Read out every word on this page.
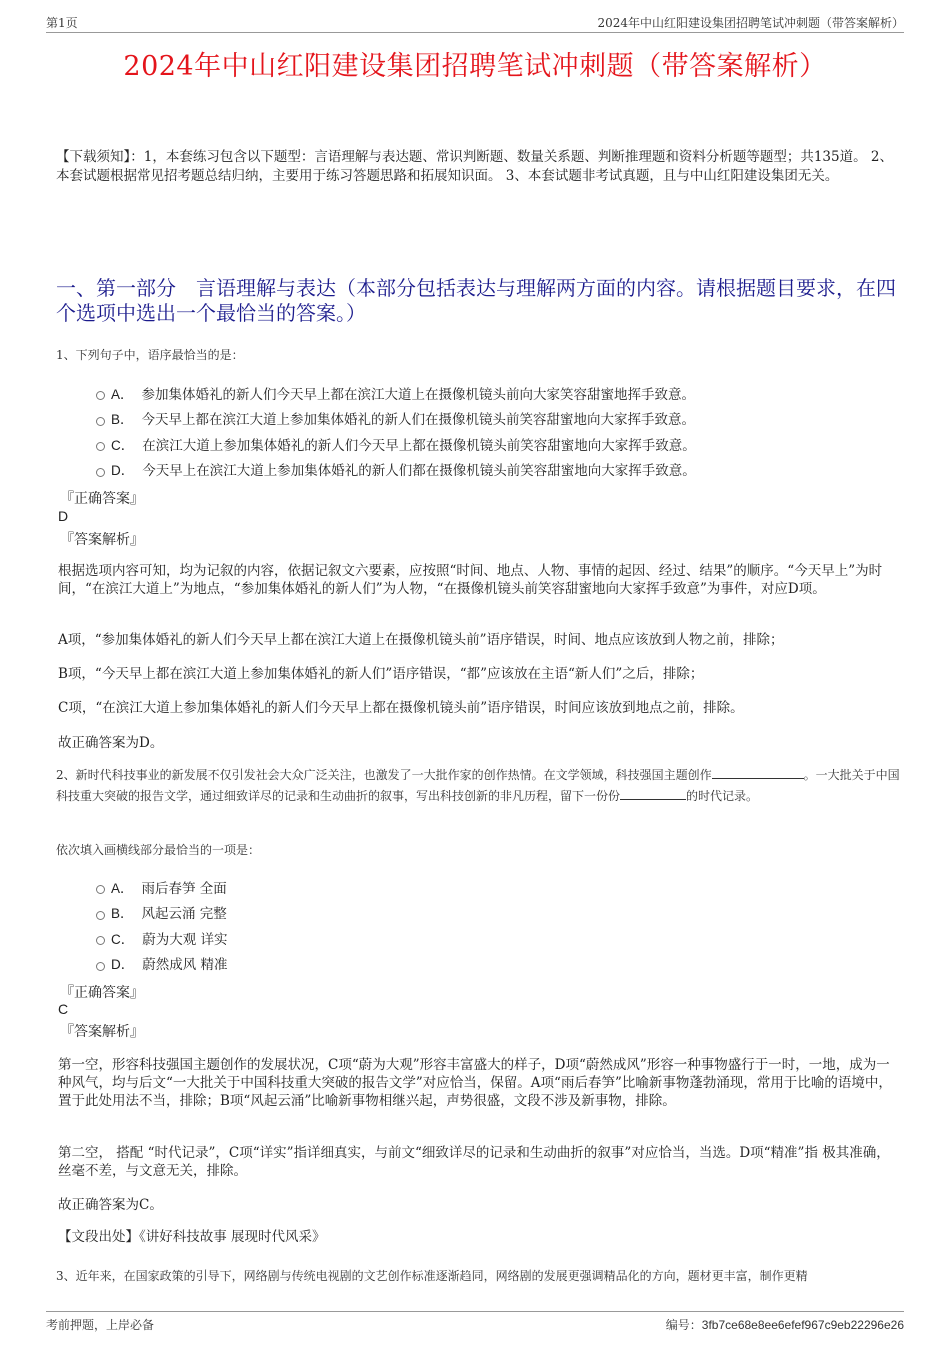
第1页	2024年中山红阳建设集团招聘笔试冲刺题（带答案解析）
2024年中山红阳建设集团招聘笔试冲刺题（带答案解析）
【下载须知】：1，本套练习包含以下题型：言语理解与表达题、常识判断题、数量关系题、判断推理题和资料分析题等题型；共135道。 2、本套试题根据常见招考题总结归纳，主要用于练习答题思路和拓展知识面。 3、本套试题非考试真题，且与中山红阳建设集团无关。
一、第一部分　言语理解与表达（本部分包括表达与理解两方面的内容。请根据题目要求，在四个选项中选出一个最恰当的答案。）
1、下列句子中，语序最恰当的是：
A． 参加集体婚礼的新人们今天早上都在滨江大道上在摄像机镜头前向大家笑容甜蜜地挥手致意。
B． 今天早上都在滨江大道上参加集体婚礼的新人们在摄像机镜头前笑容甜蜜地向大家挥手致意。
C． 在滨江大道上参加集体婚礼的新人们今天早上都在摄像机镜头前笑容甜蜜地向大家挥手致意。
D． 今天早上在滨江大道上参加集体婚礼的新人们都在摄像机镜头前笑容甜蜜地向大家挥手致意。
『正确答案』
D
『答案解析』
根据选项内容可知，均为记叙的内容，依据记叙文六要素，应按照“时间、地点、人物、事情的起因、经过、结果”的顺序。“今天早上”为时间，“在滨江大道上”为地点，“参加集体婚礼的新人们”为人物，“在摄像机镜头前笑容甜蜜地向大家挥手致意”为事件，对应D项。
A项，“参加集体婚礼的新人们今天早上都在滨江大道上在摄像机镜头前”语序错误，时间、地点应该放到人物之前，排除；
B项，“今天早上都在滨江大道上参加集体婚礼的新人们”语序错误，“都”应该放在主语“新人们”之后，排除；
C项，“在滨江大道上参加集体婚礼的新人们今天早上都在摄像机镜头前”语序错误，时间应该放到地点之前，排除。
故正确答案为D。
2、新时代科技事业的新发展不仅引发社会大众广泛关注，也激发了一大批作家的创作热情。在文学领域，科技强国主题创作	。一大批关于中国科技重大突破的报告文学，通过细致详尽的记录和生动曲折的叙事，写出科技创新的非凡历程，留下一份份	的时代记录。
依次填入画横线部分最恰当的一项是：
A． 雨后春笋 全面
B． 风起云涌 完整
C． 蔚为大观 详实
D． 蔚然成风 精准
『正确答案』
C
『答案解析』
第一空，形容科技强国主题创作的发展状况，C项“蔚为大观”形容丰富盛大的样子，D项“蔚然成风”形容一种事物盛行于一时，一地，成为一种风气，均与后文“一大批关于中国科技重大突破的报告文学”对应恰当，保留。A项“雨后春笋”比喻新事物蓬勃涌现，常用于比喻的语境中，置于此处用法不当，排除；B项“风起云涌”比喻新事物相继兴起，声势很盛，文段不涉及新事物，排除。
第二空， 搭配 “时代记录”，C项“详实”指详细真实，与前文“细致详尽的记录和生动曲折的叙事”对应恰当，当选。D项“精准”指 极其准确，丝毫不差，与文意无关，排除。
故正确答案为C。
【文段出处】《讲好科技故事 展现时代风采》
3、近年来，在国家政策的引导下，网络剧与传统电视剧的文艺创作标准逐渐趋同，网络剧的发展更强调精品化的方向，题材更丰富，制作更精
考前押题，上岸必备	编号：3fb7ce68e8ee6efef967c9eb22296e26
